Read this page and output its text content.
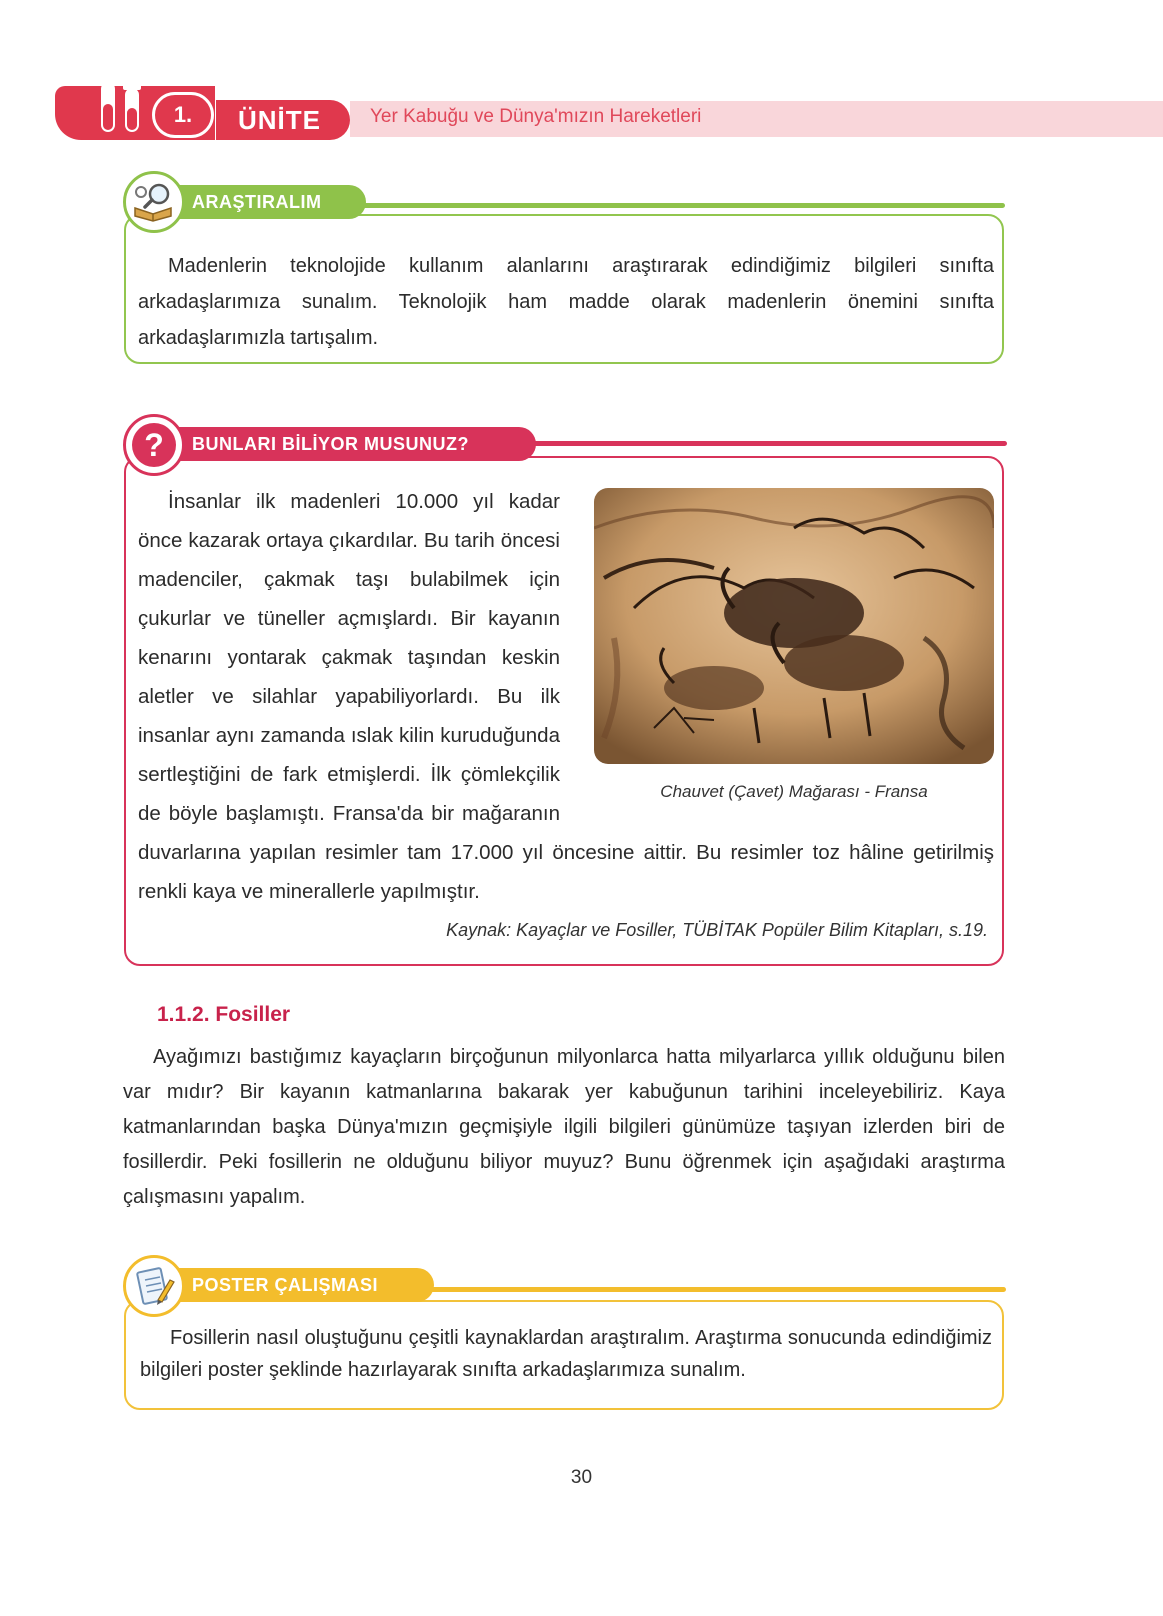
ÜNİTE
1.	Yer Kabuğu ve Dünya'mızın Hareketleri

Madenlerin teknolojide kullanım alanlarını araştırarak edindiğimiz bilgileri sınıfta arkadaşlarımıza sunalım. Teknolojik ham madde olarak madenlerin önemini sınıfta arkadaşlarımızla tartışalım.

ARAŞTIRALIM
Chauvet (Çavet) Mağarası - Fransa

İnsanlar ilk madenleri 10.000 yıl kadar önce kazarak ortaya çıkardılar. Bu tarih öncesi madenciler, çakmak taşı bulabilmek için çukurlar ve tüneller açmışlardı. Bir kayanın kenarını yontarak çakmak taşından keskin aletler ve silahlar yapabiliyorlardı. Bu ilk insanlar aynı zamanda ıslak kilin kuruduğunda sertleştiğini de fark etmişlerdi. İlk çömlekçilik de böyle başlamıştı. Fransa'da bir mağaranın duvarlarına yapılan resimler tam 17.000 yıl öncesine aittir. Bu resimler toz hâline getirilmiş renkli kaya ve minerallerle yapılmıştır.

Kaynak: Kayaçlar ve Fosiller, TÜBİTAK Popüler Bilim Kitapları, s.19.
BUNLARI BİLİYOR MUSUNUZ?
?
1.1.2. Fosiller

Ayağımızı bastığımız kayaçların birçoğunun milyonlarca hatta milyarlarca yıllık olduğunu bilen var mıdır? Bir kayanın katmanlarına bakarak yer kabuğunun tarihini inceleyebiliriz. Kaya katmanlarından başka Dünya'mızın geçmişiyle ilgili bilgileri günümüze taşıyan izlerden biri de fosillerdir. Peki fosillerin ne olduğunu biliyor muyuz? Bunu öğrenmek için aşağıdaki araştırma çalışmasını yapalım.

Fosillerin nasıl oluştuğunu çeşitli kaynaklardan araştıralım. Araştırma sonucunda edindiğimiz bilgileri poster şeklinde hazırlayarak sınıfta arkadaşlarımıza sunalım.

POSTER ÇALIŞMASI
30
